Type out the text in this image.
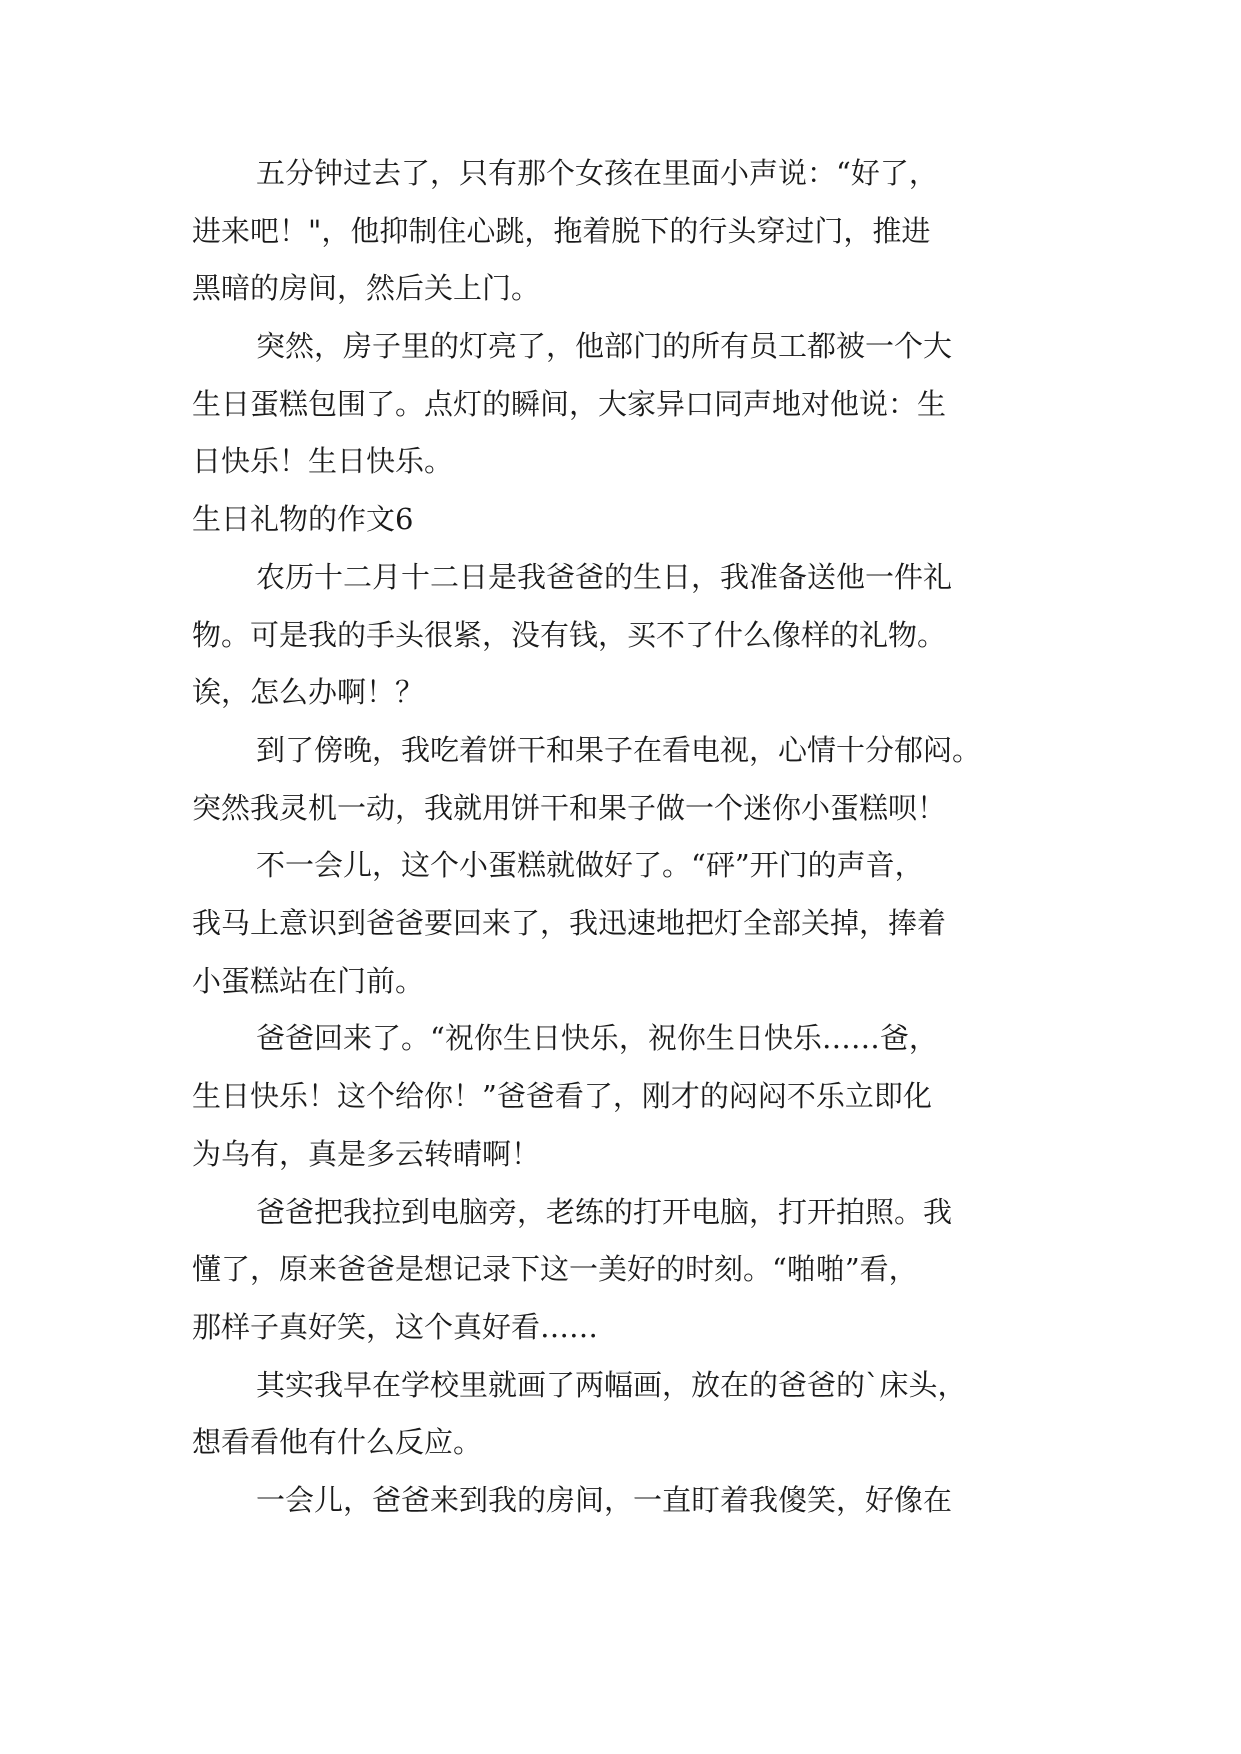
五分钟过去了，只有那个女孩在里面小声说：“好了，
进来吧！"，他抑制住心跳，拖着脱下的行头穿过门，推进
黑暗的房间，然后关上门。
突然，房子里的灯亮了，他部门的所有员工都被一个大
生日蛋糕包围了。点灯的瞬间，大家异口同声地对他说：生
日快乐！生日快乐。
生日礼物的作文6
农历十二月十二日是我爸爸的生日，我准备送他一件礼
物。可是我的手头很紧，没有钱，买不了什么像样的礼物。
诶，怎么办啊！？
到了傍晚，我吃着饼干和果子在看电视，心情十分郁闷。
突然我灵机一动，我就用饼干和果子做一个迷你小蛋糕呗！
不一会儿，这个小蛋糕就做好了。“砰”开门的声音，
我马上意识到爸爸要回来了，我迅速地把灯全部关掉，捧着
小蛋糕站在门前。
爸爸回来了。“祝你生日快乐，祝你生日快乐……爸，
生日快乐！这个给你！”爸爸看了，刚才的闷闷不乐立即化
为乌有，真是多云转晴啊！
爸爸把我拉到电脑旁，老练的打开电脑，打开拍照。我
懂了，原来爸爸是想记录下这一美好的时刻。“啪啪”看，
那样子真好笑，这个真好看……
其实我早在学校里就画了两幅画，放在的爸爸的`床头，
想看看他有什么反应。
一会儿，爸爸来到我的房间，一直盯着我傻笑，好像在
